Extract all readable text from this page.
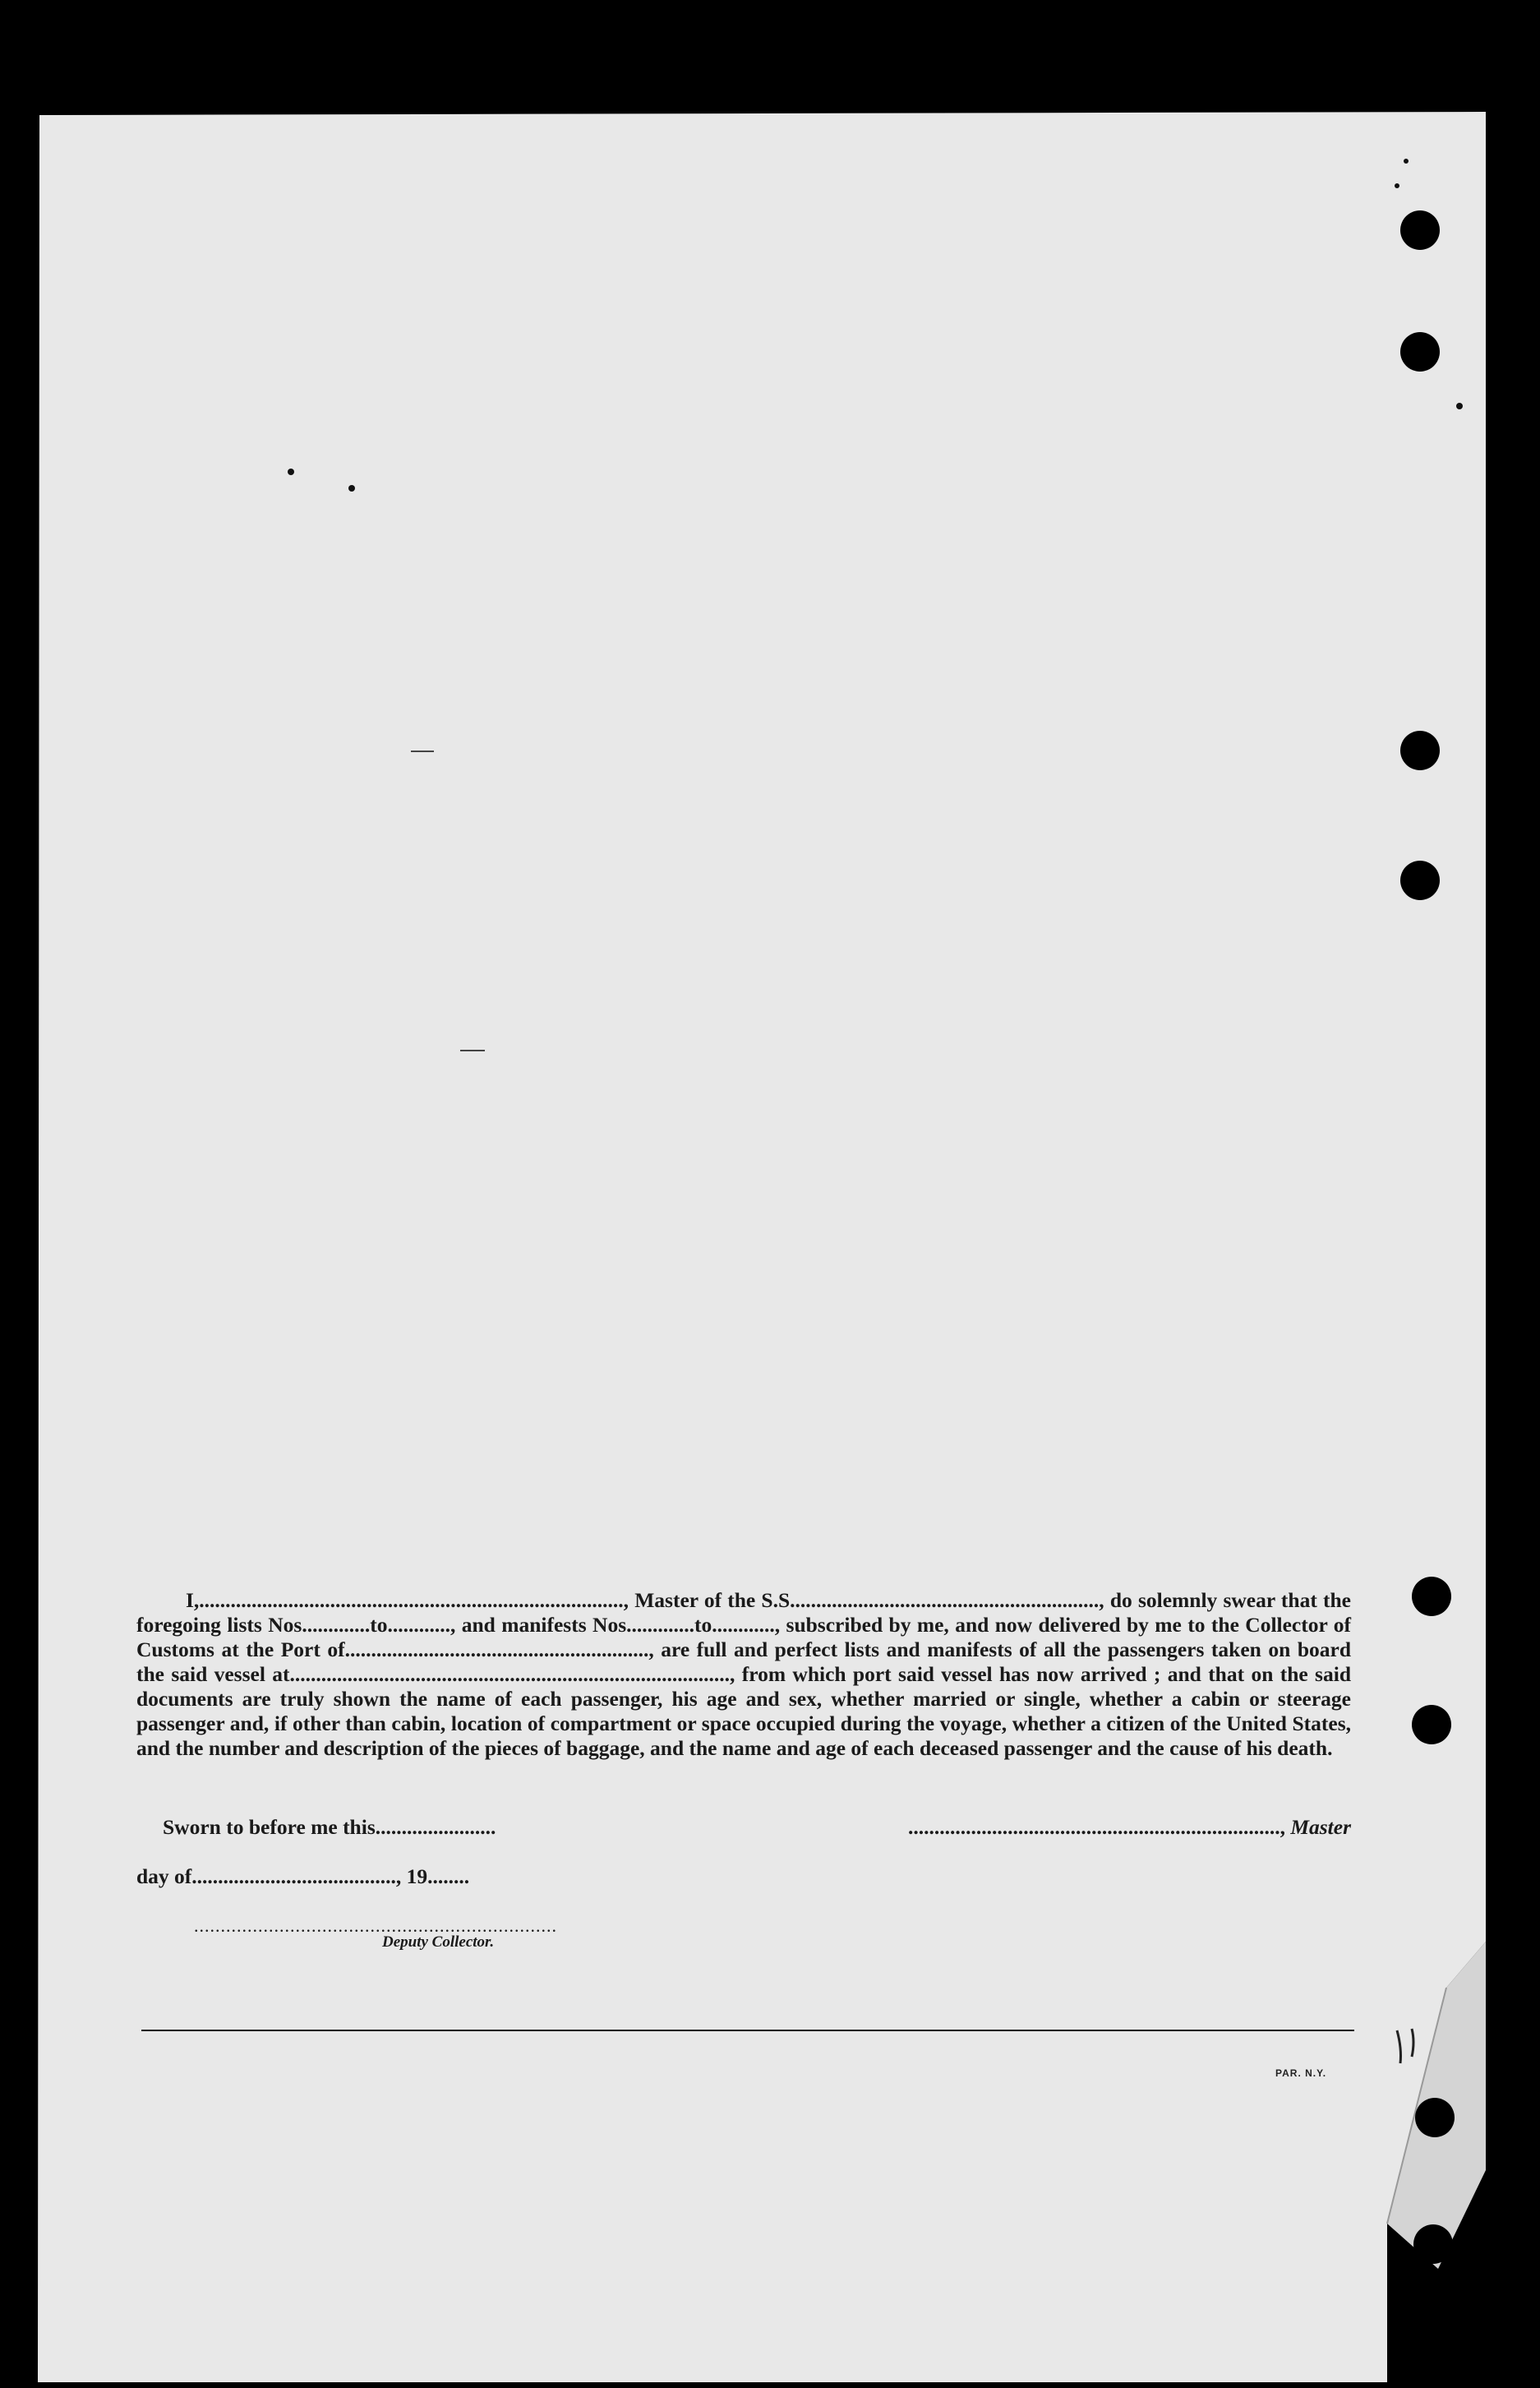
I,................................................................................., Master of the S.S..........................................................., do solemnly swear that the foregoing lists Nos.............to............, and manifests Nos.............to............, subscribed by me, and now delivered by me to the Collector of Customs at the Port of.........................................................., are full and perfect lists and manifests of all the passengers taken on board the said vessel at...................................................................................., from which port said vessel has now arrived ; and that on the said documents are truly shown the name of each passenger, his age and sex, whether married or single, whether a cabin or steerage passenger and, if other than cabin, location of compartment or space occupied during the voyage, whether a citizen of the United States, and the number and description of the pieces of baggage, and the name and age of each deceased passenger and the cause of his death.

Sworn to before me this.......................	......................................................................., Master
day of......................................., 19........
....................................................................
Deputy Collector.
PAR. N.Y.
